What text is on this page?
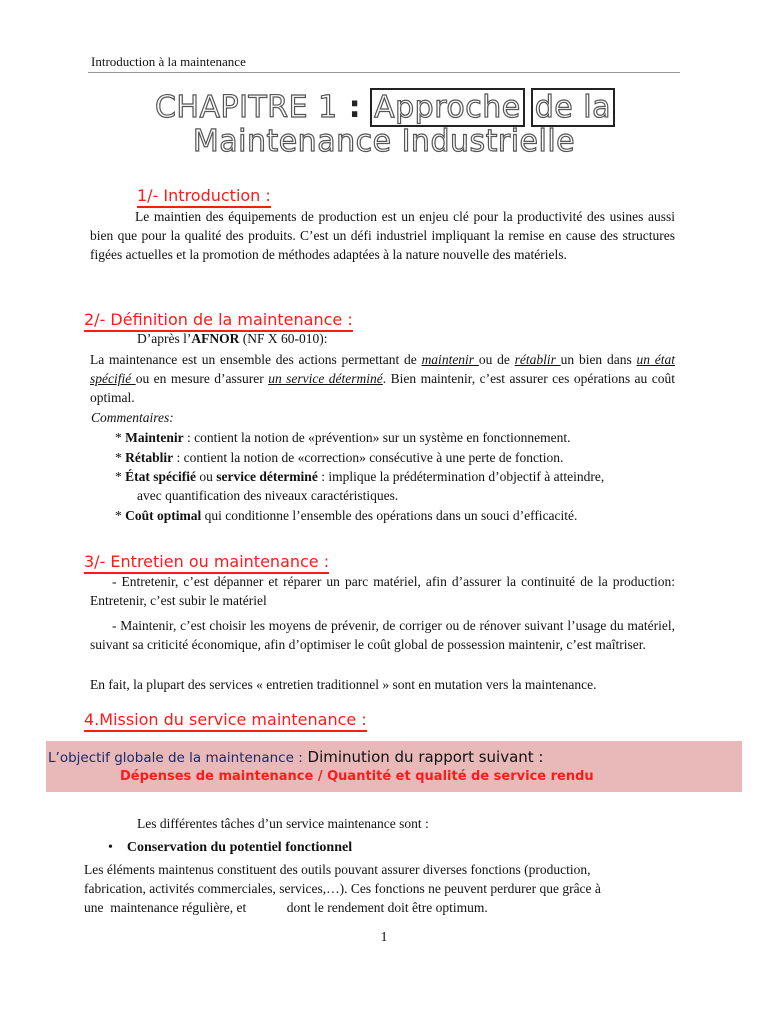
Introduction à la maintenance
CHAPITRE 1 : Approche de la
Maintenance Industrielle
1/- Introduction :
Le maintien des équipements de production est un enjeu clé pour la productivité des usines aussi bien que pour la qualité des produits. C’est un défi industriel impliquant la remise en cause des structures figées actuelles et la promotion de méthodes adaptées à la nature nouvelle des matériels.
2/- Définition de la maintenance :
D’après l’AFNOR (NF X 60-010):
La maintenance est un ensemble des actions permettant de maintenir ou de rétablir un bien dans un état spécifié ou en mesure d’assurer un service déterminé. Bien maintenir, c’est assurer ces opérations au coût optimal.
Commentaires:
* Maintenir : contient la notion de «prévention» sur un système en fonctionnement.
* Rétablir : contient la notion de «correction» consécutive à une perte de fonction.
* État spécifié ou service déterminé : implique la prédétermination d’objectif à atteindre,
avec quantification des niveaux caractéristiques.
* Coût optimal qui conditionne l’ensemble des opérations dans un souci d’efficacité.
3/- Entretien ou maintenance :
- Entretenir, c’est dépanner et réparer un parc matériel, afin d’assurer la continuité de la production: Entretenir, c’est subir le matériel
- Maintenir, c’est choisir les moyens de prévenir, de corriger ou de rénover suivant l’usage du matériel, suivant sa criticité économique, afin d’optimiser le coût global de possession maintenir, c’est maîtriser.
En fait, la plupart des services « entretien traditionnel » sont en mutation vers la maintenance.
4.Mission du service maintenance :
L’objectif globale de la maintenance : Diminution du rapport suivant :
Dépenses de maintenance / Quantité et qualité de service rendu
Les différentes tâches d’un service maintenance sont :
•    Conservation du potentiel fonctionnel
Les éléments maintenus constituent des outils pouvant assurer diverses fonctions (production,
fabrication, activités commerciales, services,…). Ces fonctions ne peuvent perdurer que grâce à
une  maintenance régulière, et            dont le rendement doit être optimum.
1
